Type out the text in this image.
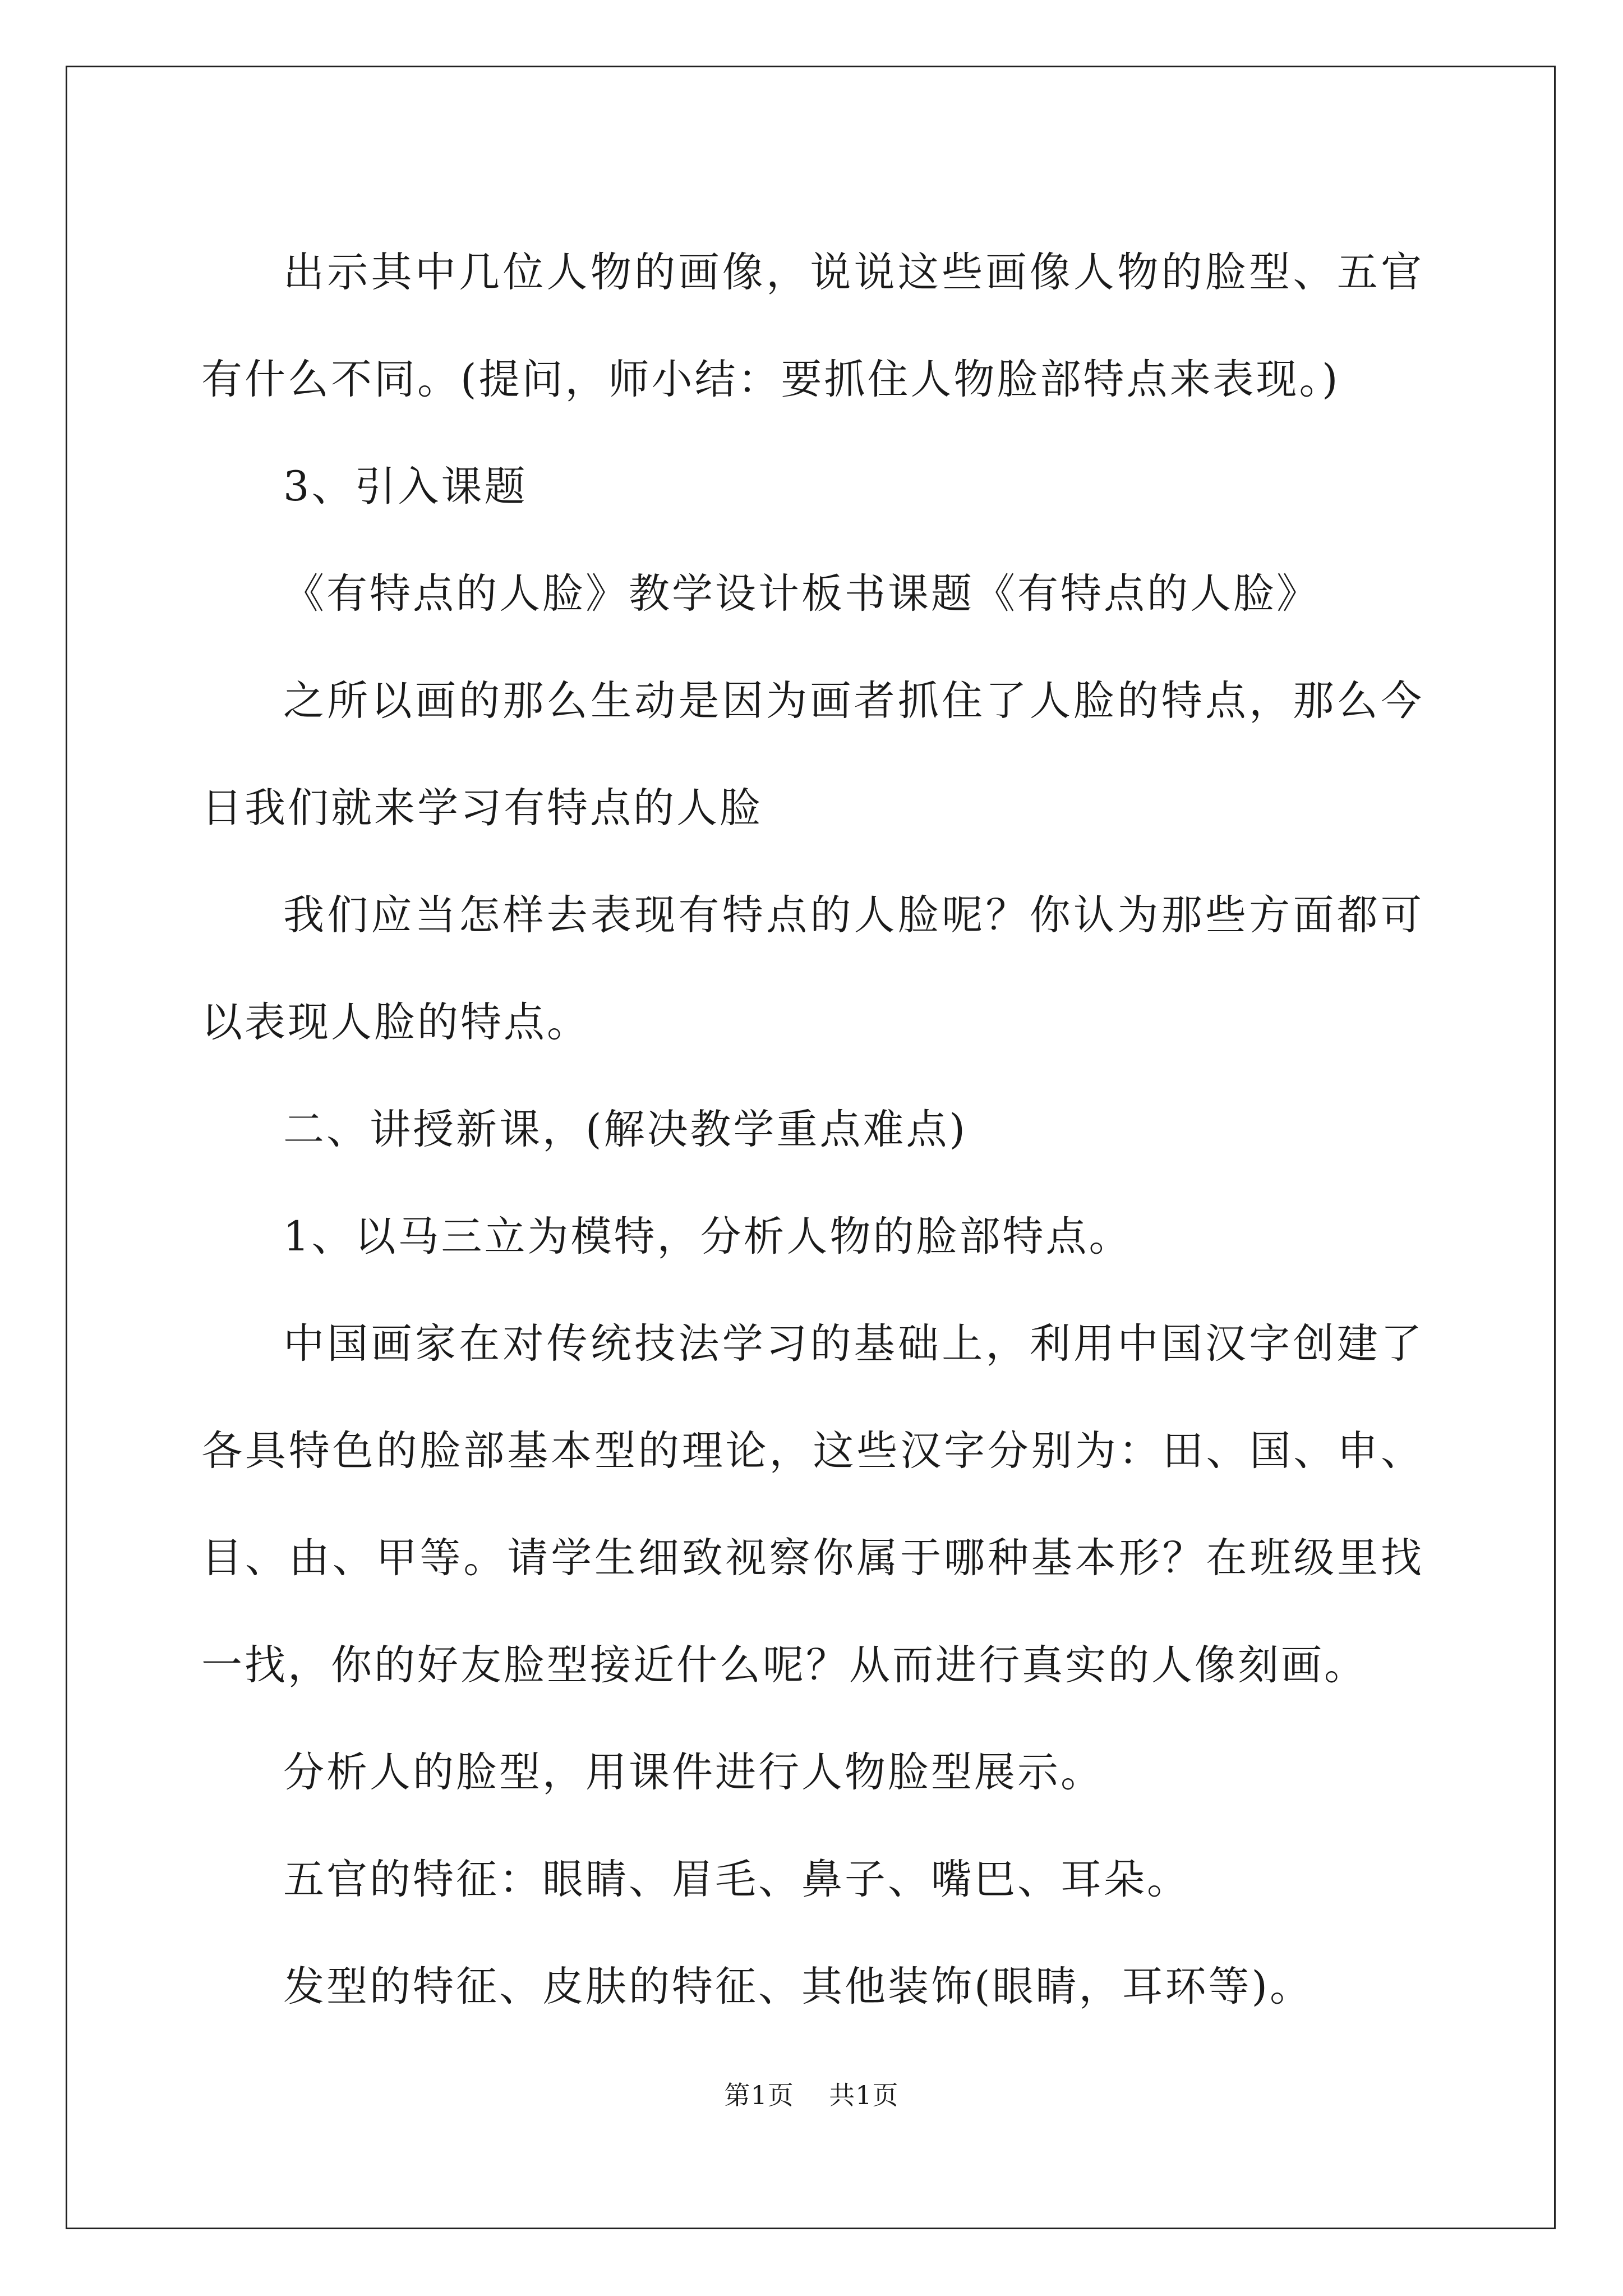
出示其中几位人物的画像，说说这些画像人物的脸型、五官有什么不同。(提问，师小结：要抓住人物脸部特点来表现。)

3、引入课题

《有特点的人脸》教学设计板书课题《有特点的人脸》

之所以画的那么生动是因为画者抓住了人脸的特点，那么今日我们就来学习有特点的人脸

我们应当怎样去表现有特点的人脸呢？你认为那些方面都可以表现人脸的特点。

二、讲授新课，(解决教学重点难点)

1、以马三立为模特，分析人物的脸部特点。

中国画家在对传统技法学习的基础上，利用中国汉字创建了各具特色的脸部基本型的理论，这些汉字分别为：田、国、申、目、由、甲等。请学生细致视察你属于哪种基本形？在班级里找一找，你的好友脸型接近什么呢？从而进行真实的人像刻画。

分析人的脸型，用课件进行人物脸型展示。

五官的特征：眼睛、眉毛、鼻子、嘴巴、耳朵。

发型的特征、皮肤的特征、其他装饰(眼睛，耳环等)。

第1页 共1页
